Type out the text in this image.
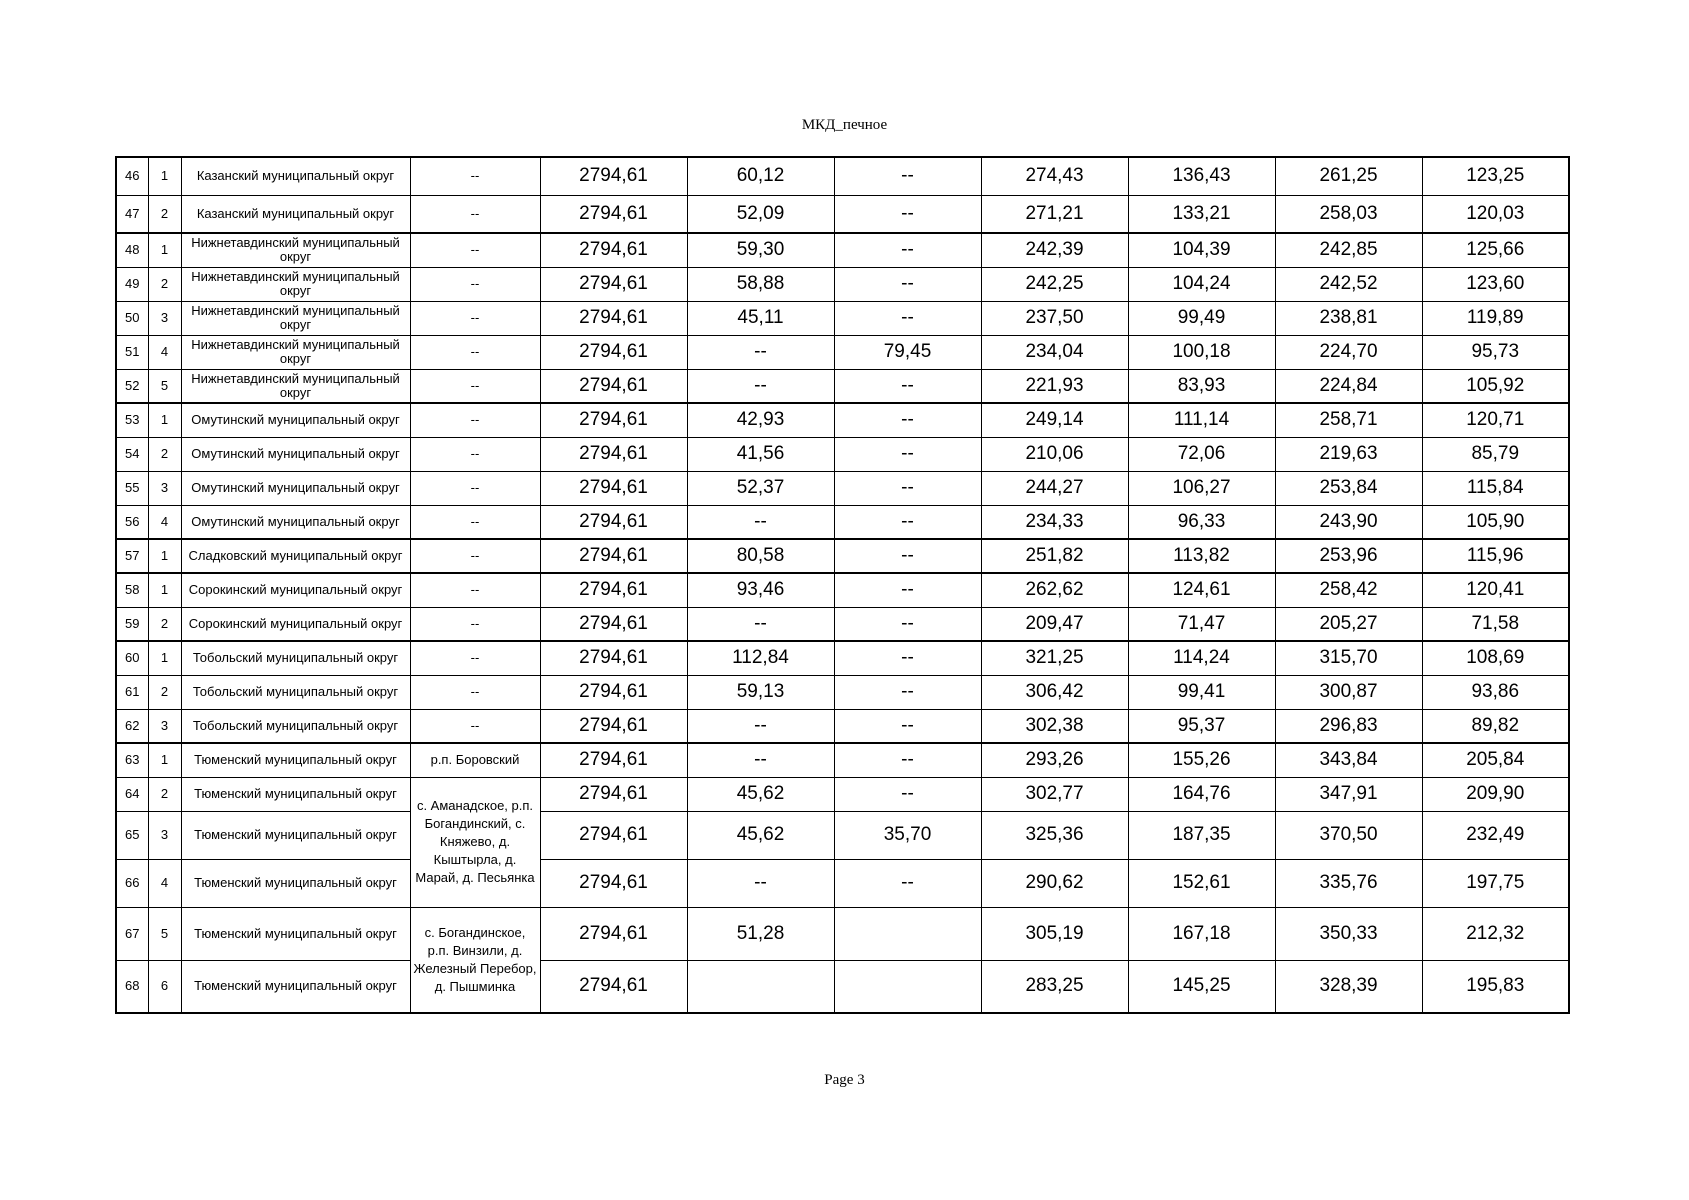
МКД_печное
46	1	Казанский муниципальный округ	--	2794,61	60,12	--	274,43	136,43	261,25	123,25
47	2	Казанский муниципальный округ	--	2794,61	52,09	--	271,21	133,21	258,03	120,03
48	1	Нижнетавдинский муниципальный округ	--	2794,61	59,30	--	242,39	104,39	242,85	125,66
49	2	Нижнетавдинский муниципальный округ	--	2794,61	58,88	--	242,25	104,24	242,52	123,60
50	3	Нижнетавдинский муниципальный округ	--	2794,61	45,11	--	237,50	99,49	238,81	119,89
51	4	Нижнетавдинский муниципальный округ	--	2794,61	--	79,45	234,04	100,18	224,70	95,73
52	5	Нижнетавдинский муниципальный округ	--	2794,61	--	--	221,93	83,93	224,84	105,92
53	1	Омутинский муниципальный округ	--	2794,61	42,93	--	249,14	111,14	258,71	120,71
54	2	Омутинский муниципальный округ	--	2794,61	41,56	--	210,06	72,06	219,63	85,79
55	3	Омутинский муниципальный округ	--	2794,61	52,37	--	244,27	106,27	253,84	115,84
56	4	Омутинский муниципальный округ	--	2794,61	--	--	234,33	96,33	243,90	105,90
57	1	Сладковский муниципальный округ	--	2794,61	80,58	--	251,82	113,82	253,96	115,96
58	1	Сорокинский муниципальный округ	--	2794,61	93,46	--	262,62	124,61	258,42	120,41
59	2	Сорокинский муниципальный округ	--	2794,61	--	--	209,47	71,47	205,27	71,58
60	1	Тобольский муниципальный округ	--	2794,61	112,84	--	321,25	114,24	315,70	108,69
61	2	Тобольский муниципальный округ	--	2794,61	59,13	--	306,42	99,41	300,87	93,86
62	3	Тобольский муниципальный округ	--	2794,61	--	--	302,38	95,37	296,83	89,82
63	1	Тюменский муниципальный округ	р.п. Боровский	2794,61	--	--	293,26	155,26	343,84	205,84
64	2	Тюменский муниципальный округ	с. Аманадское, р.п. Богандинский, с. Княжево, д. Кыштырла, д. Марай, д. Песьянка	2794,61	45,62	--	302,77	164,76	347,91	209,90
65	3	Тюменский муниципальный округ		2794,61	45,62	35,70	325,36	187,35	370,50	232,49
66	4	Тюменский муниципальный округ		2794,61	--	--	290,62	152,61	335,76	197,75
67	5	Тюменский муниципальный округ	с. Богандинское, р.п. Винзили, д. Железный Перебор, д. Пышминка	2794,61	51,28		305,19	167,18	350,33	212,32
68	6	Тюменский муниципальный округ		2794,61			283,25	145,25	328,39	195,83
Page 3
